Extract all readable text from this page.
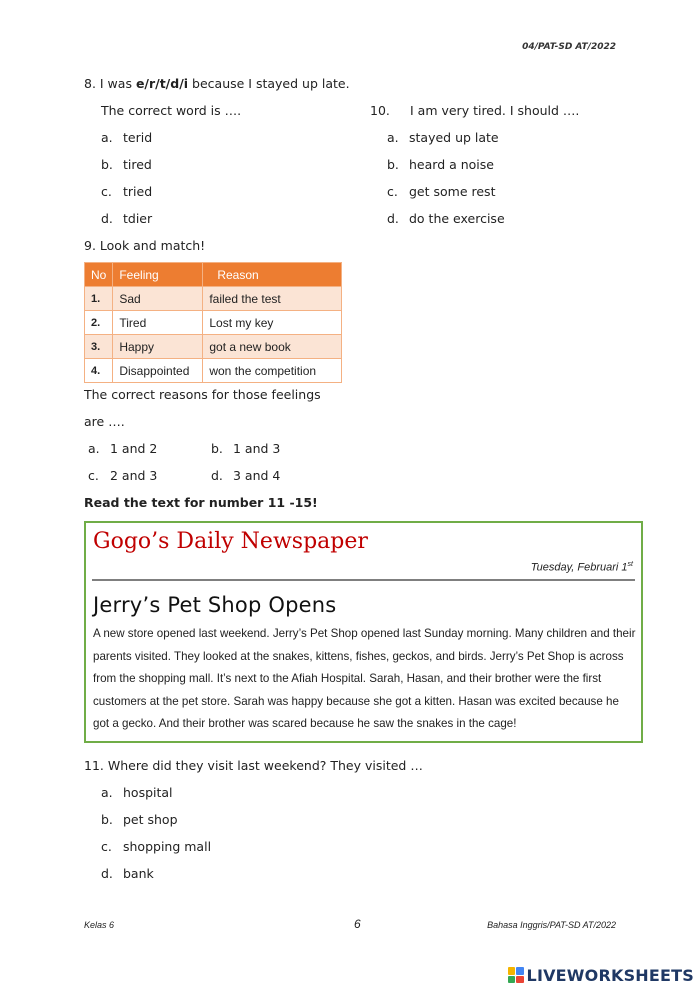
04/PAT-SD AT/2022
8. I was e/r/t/d/i because I stayed up late.
The correct word is ….
a. terid
b. tired
c. tried
d. tdier
10. I am very tired. I should ….
a. stayed up late
b. heard a noise
c. get some rest
d. do the exercise
9. Look and match!
No	Feeling	Reason
1.	Sad	failed the test
2.	Tired	Lost my key
3.	Happy	got a new book
4.	Disappointed	won the competition
The correct reasons for those feelings
are ….
a. 1 and 2	b. 1 and 3
c. 2 and 3	d. 3 and 4
Read the text for number 11 -15!
Gogo’s Daily Newspaper
Tuesday, Februari 1st
Jerry’s Pet Shop Opens
A new store opened last weekend. Jerry’s Pet Shop opened last Sunday morning. Many children and their parents visited. They looked at the snakes, kittens, fishes, geckos, and birds. Jerry’s Pet Shop is across from the shopping mall. It’s next to the Afiah Hospital. Sarah, Hasan, and their brother were the first customers at the pet store. Sarah was happy because she got a kitten. Hasan was excited because he got a gecko. And their brother was scared because he saw the snakes in the cage!
11. Where did they visit last weekend? They visited …
a. hospital
b. pet shop
c. shopping mall
d. bank
Kelas 6	6	Bahasa Inggris/PAT-SD AT/2022
LIVEWORKSHEETS
